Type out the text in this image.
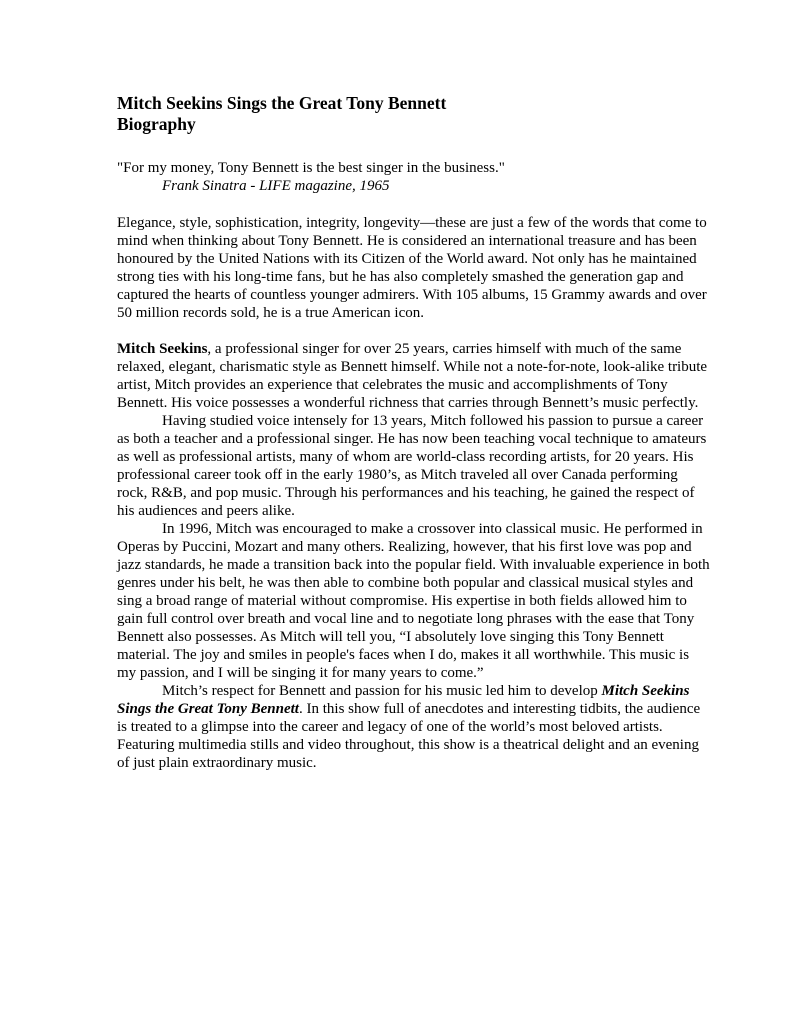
Mitch Seekins Sings the Great Tony Bennett
Biography
"For my money, Tony Bennett is the best singer in the business."
Frank Sinatra - LIFE magazine, 1965

Elegance, style, sophistication, integrity, longevity—these are just a few of the words that come to mind when thinking about Tony Bennett. He is considered an international treasure and has been honoured by the United Nations with its Citizen of the World award. Not only has he maintained strong ties with his long-time fans, but he has also completely smashed the generation gap and captured the hearts of countless younger admirers. With 105 albums, 15 Grammy awards and over 50 million records sold, he is a true American icon.

Mitch Seekins, a professional singer for over 25 years, carries himself with much of the same relaxed, elegant, charismatic style as Bennett himself. While not a note-for-note, look-alike tribute artist, Mitch provides an experience that celebrates the music and accomplishments of Tony Bennett. His voice possesses a wonderful richness that carries through Bennett’s music perfectly.

Having studied voice intensely for 13 years, Mitch followed his passion to pursue a career as both a teacher and a professional singer. He has now been teaching vocal technique to amateurs as well as professional artists, many of whom are world-class recording artists, for 20 years. His professional career took off in the early 1980’s, as Mitch traveled all over Canada performing rock, R&B, and pop music. Through his performances and his teaching, he gained the respect of his audiences and peers alike.

In 1996, Mitch was encouraged to make a crossover into classical music. He performed in Operas by Puccini, Mozart and many others. Realizing, however, that his first love was pop and jazz standards, he made a transition back into the popular field. With invaluable experience in both genres under his belt, he was then able to combine both popular and classical musical styles and sing a broad range of material without compromise. His expertise in both fields allowed him to gain full control over breath and vocal line and to negotiate long phrases with the ease that Tony Bennett also possesses. As Mitch will tell you, “I absolutely love singing this Tony Bennett material. The joy and smiles in people's faces when I do, makes it all worthwhile. This music is my passion, and I will be singing it for many years to come.”

Mitch’s respect for Bennett and passion for his music led him to develop Mitch Seekins Sings the Great Tony Bennett. In this show full of anecdotes and interesting tidbits, the audience is treated to a glimpse into the career and legacy of one of the world’s most beloved artists. Featuring multimedia stills and video throughout, this show is a theatrical delight and an evening of just plain extraordinary music.
